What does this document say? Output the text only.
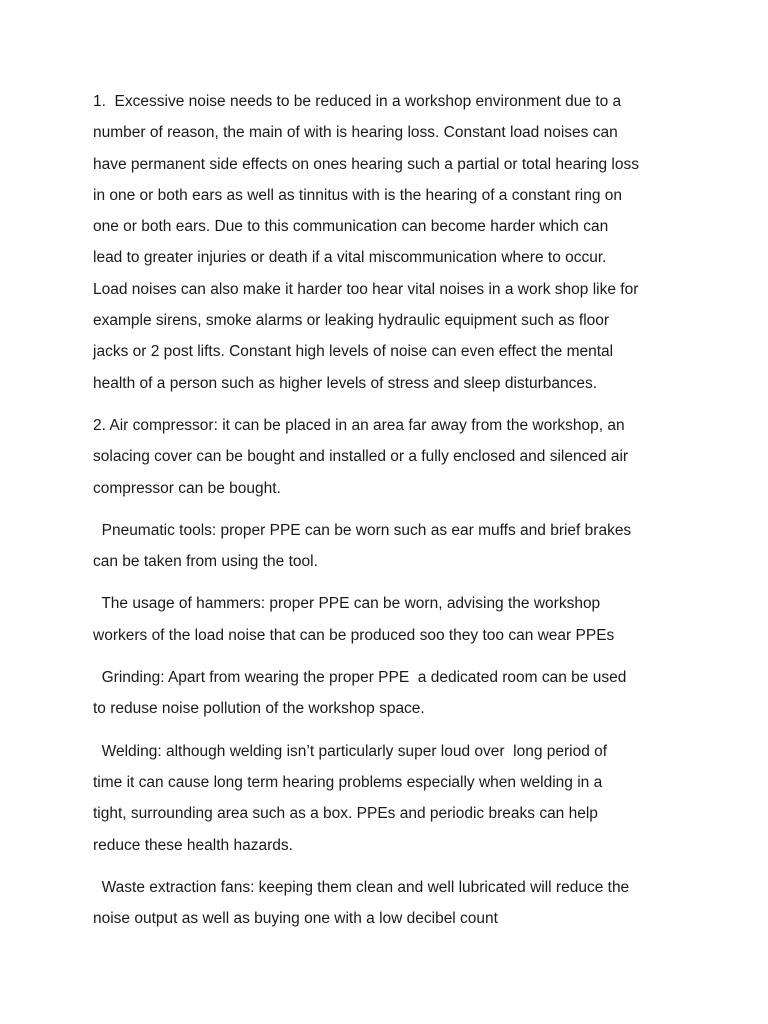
1.  Excessive noise needs to be reduced in a workshop environment due to a
number of reason, the main of with is hearing loss. Constant load noises can
have permanent side effects on ones hearing such a partial or total hearing loss
in one or both ears as well as tinnitus with is the hearing of a constant ring on
one or both ears. Due to this communication can become harder which can
lead to greater injuries or death if a vital miscommunication where to occur.
Load noises can also make it harder too hear vital noises in a work shop like for
example sirens, smoke alarms or leaking hydraulic equipment such as floor
jacks or 2 post lifts. Constant high levels of noise can even effect the mental
health of a person such as higher levels of stress and sleep disturbances.
2. Air compressor: it can be placed in an area far away from the workshop, an
solacing cover can be bought and installed or a fully enclosed and silenced air
compressor can be bought.
Pneumatic tools: proper PPE can be worn such as ear muffs and brief brakes
can be taken from using the tool.
The usage of hammers: proper PPE can be worn, advising the workshop
workers of the load noise that can be produced soo they too can wear PPEs
Grinding: Apart from wearing the proper PPE  a dedicated room can be used
to reduse noise pollution of the workshop space.
Welding: although welding isn’t particularly super loud over  long period of
time it can cause long term hearing problems especially when welding in a
tight, surrounding area such as a box. PPEs and periodic breaks can help
reduce these health hazards.
Waste extraction fans: keeping them clean and well lubricated will reduce the
noise output as well as buying one with a low decibel count
